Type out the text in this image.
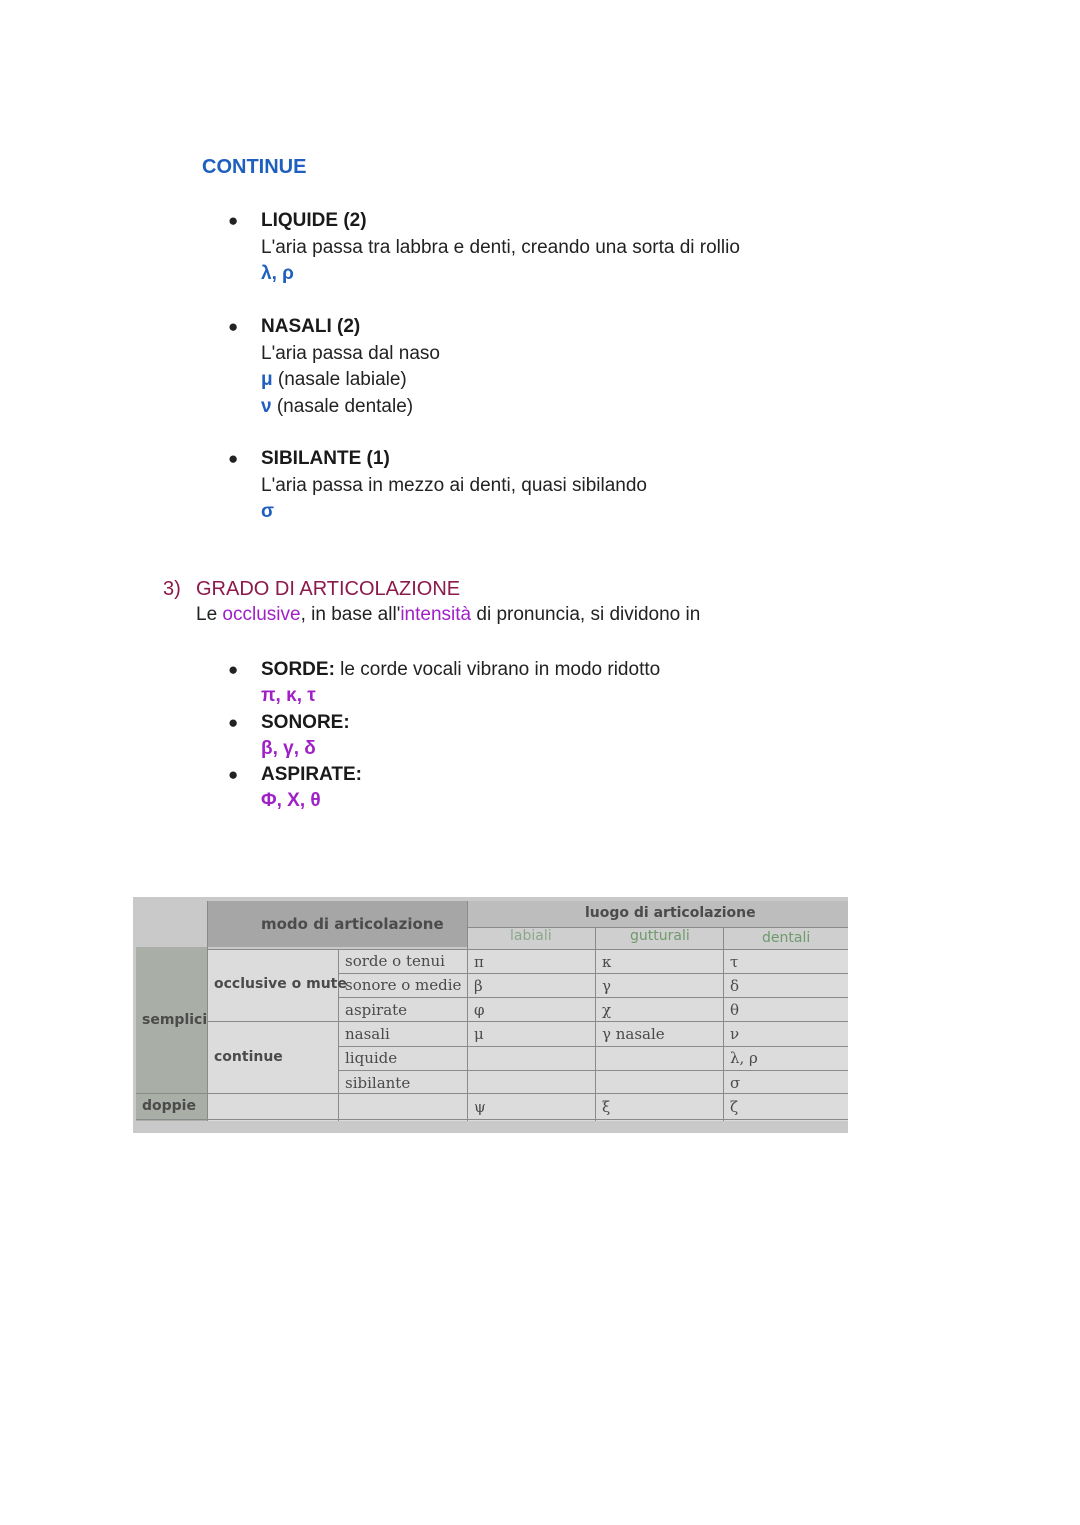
CONTINUE
● LIQUIDE (2)
L'aria passa tra labbra e denti, creando una sorta di rollio
λ, ρ
● NASALI (2)
L'aria passa dal naso
μ (nasale labiale)
ν (nasale dentale)
● SIBILANTE (1)
L'aria passa in mezzo ai denti, quasi sibilando
σ
3) GRADO DI ARTICOLAZIONE
Le occlusive, in base all'intensità di pronuncia, si dividono in
● SORDE: le corde vocali vibrano in modo ridotto
π, κ, τ
● SONORE:
β, γ, δ
● ASPIRATE:
Φ, Χ, θ
modo di articolazione
luogo di articolazione
labiali	gutturali	dentali
semplici
doppie
occlusive o mute
continue
sorde o tenui
sonore o medie
aspirate
nasali
liquide
sibilante
π
β
φ
μ
ψ
κ
γ
χ
γ nasale
ξ
τ
δ
θ
ν
λ, ρ
σ
ζ
